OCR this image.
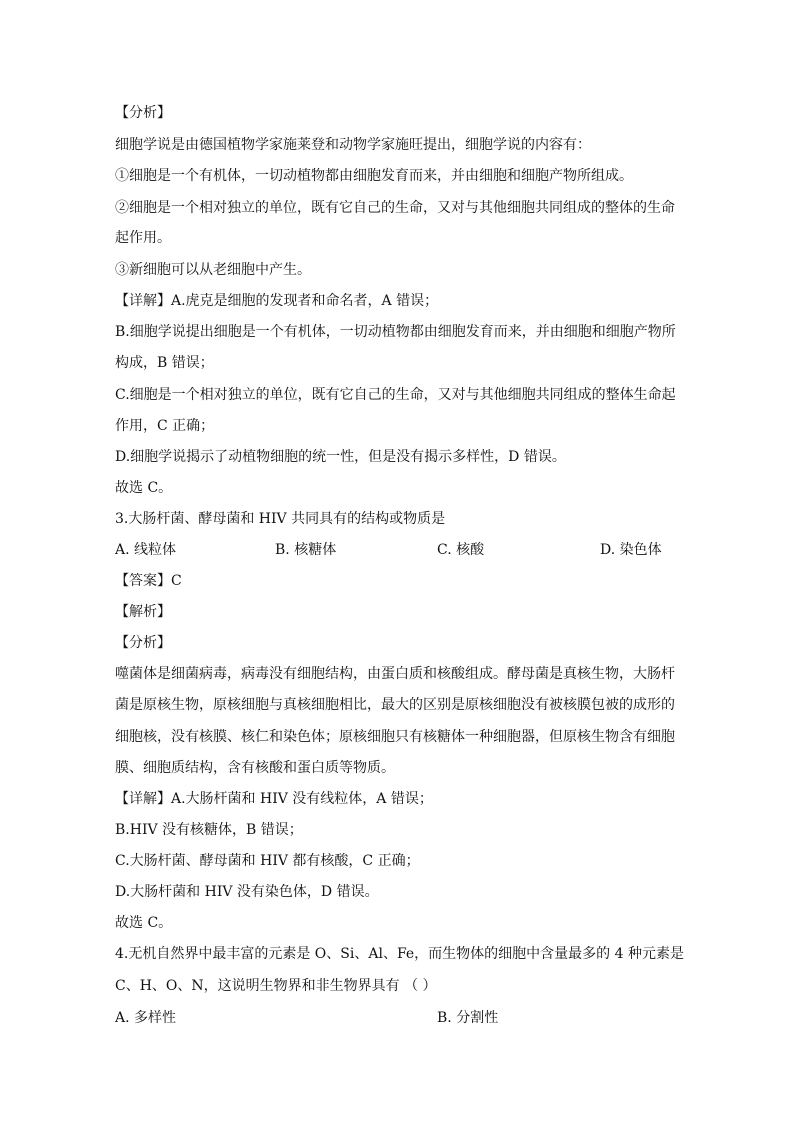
【分析】
细胞学说是由德国植物学家施莱登和动物学家施旺提出，细胞学说的内容有：
①细胞是一个有机体，一切动植物都由细胞发育而来，并由细胞和细胞产物所组成。
②细胞是一个相对独立的单位，既有它自己的生命，又对与其他细胞共同组成的整体的生命
起作用。
③新细胞可以从老细胞中产生。
【详解】A.虎克是细胞的发现者和命名者，A 错误；
B.细胞学说提出细胞是一个有机体，一切动植物都由细胞发育而来，并由细胞和细胞产物所
构成，B 错误；
C.细胞是一个相对独立的单位，既有它自己的生命，又对与其他细胞共同组成的整体生命起
作用，C 正确；
D.细胞学说揭示了动植物细胞的统一性，但是没有揭示多样性，D 错误。
故选 C。
3.大肠杆菌、酵母菌和 HIV 共同具有的结构或物质是
A. 线粒体	B. 核糖体	C. 核酸	D. 染色体
【答案】C
【解析】
【分析】
噬菌体是细菌病毒，病毒没有细胞结构，由蛋白质和核酸组成。酵母菌是真核生物，大肠杆
菌是原核生物，原核细胞与真核细胞相比，最大的区别是原核细胞没有被核膜包被的成形的
细胞核，没有核膜、核仁和染色体；原核细胞只有核糖体一种细胞器，但原核生物含有细胞
膜、细胞质结构，含有核酸和蛋白质等物质。
【详解】A.大肠杆菌和 HIV 没有线粒体，A 错误；
B.HIV 没有核糖体，B 错误；
C.大肠杆菌、酵母菌和 HIV 都有核酸，C 正确；
D.大肠杆菌和 HIV 没有染色体，D 错误。
故选 C。
4.无机自然界中最丰富的元素是 O、Si、Al、Fe，而生物体的细胞中含量最多的 4 种元素是
C、H、O、N，这说明生物界和非生物界具有 （ ）
A. 多样性	B. 分割性
